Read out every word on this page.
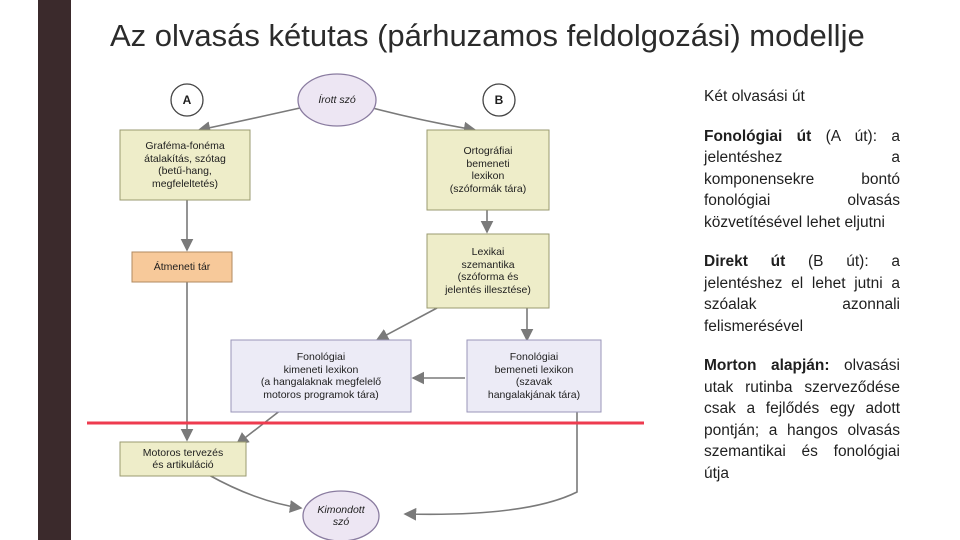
Az olvasás kétutas (párhuzamos feldolgozási) modellje
A	B
Írott szó
Graféma-fonéma
átalakítás, szótag
(betű-hang,
megfeleltetés)
Ortográfiai
bemeneti
lexikon
(szóformák tára)
Átmeneti tár
Lexikai
szemantika
(szóforma és
jelentés illesztése)
Fonológiai
kimeneti lexikon
(a hangalaknak megfelelő
motoros programok tára)
Fonológiai
bemeneti lexikon
(szavak
hangalakjának tára)
Motoros tervezés
és artikuláció
Kimondott
szó

Két olvasási út

Fonológiai út (A út): a jelentéshez a komponensekre bontó fonológiai olvasás közvetítésével lehet eljutni

Direkt út (B út): a jelentéshez el lehet jutni a szóalak azonnali felismerésével

Morton alapján: olvasási utak rutinba szerveződése csak a fejlődés egy adott pontján; a hangos olvasás szemantikai és fonológiai útja
